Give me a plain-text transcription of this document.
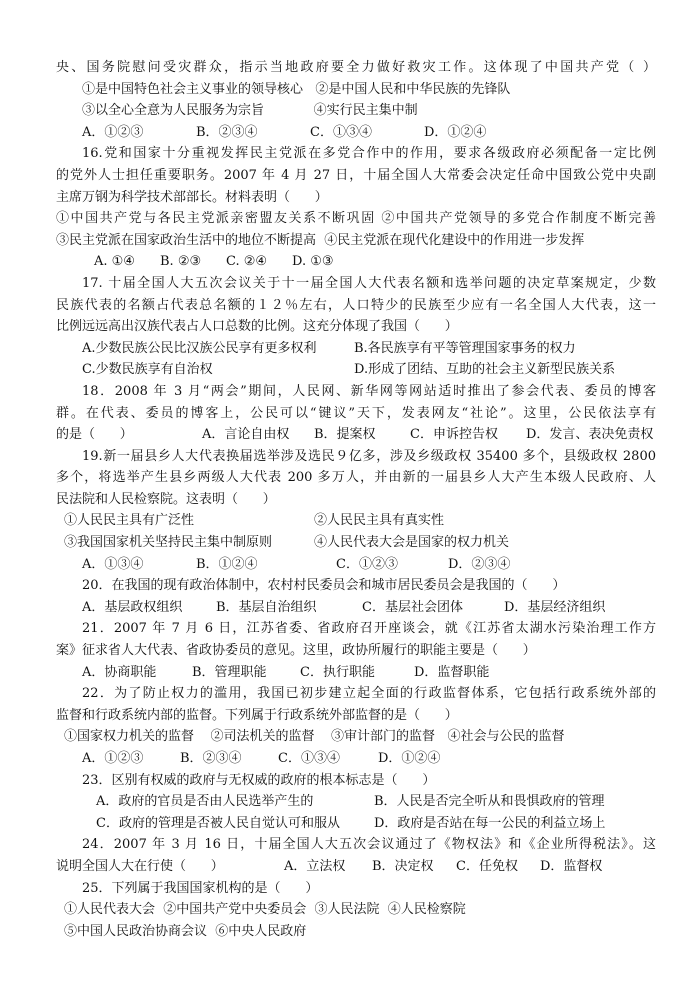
央、国务院慰问受灾群众，指示当地政府要全力做好救灾工作。这体现了中国共产党（ ）
①是中国特色社会主义事业的领导核心   ②是中国人民和中华民族的先锋队
③以全心全意为人民服务为宗旨            ④实行民主集中制
A．①②③	B．②③④	C．①③④	D．①②④
16.党和国家十分重视发挥民主党派在多党合作中的作用，要求各级政府必须配备一定比例
的党外人士担任重要职务。2007 年 4 月 27 日，十届全国人大常委会决定任命中国致公党中央副
主席万钢为科学技术部部长。材料表明（      ）
①中国共产党与各民主党派亲密盟友关系不断巩固 ②中国共产党领导的多党合作制度不断完善
③民主党派在国家政治生活中的地位不断提高  ④民主党派在现代化建设中的作用进一步发挥
A. ①④ B. ②③ C. ②④ D. ①③
17. 十届全国人大五次会议关于十一届全国人大代表名额和选举问题的决定草案规定，少数
民族代表的名额占代表总名额的１２％左右，人口特少的民族至少应有一名全国人大代表，这一
比例远远高出汉族代表占人口总数的比例。这充分体现了我国（      ）
A.少数民族公民比汉族公民享有更多权利	B.各民族享有平等管理国家事务的权力
C.少数民族享有自治权	D.形成了团结、互助的社会主义新型民族关系
18．2008 年 3 月“两会”期间，人民网、新华网等网站适时推出了参会代表、委员的博客
群。在代表、委员的博客上，公民可以“键议”天下，发表网友“社论”。这里，公民依法享有
的是（      ）	A．言论自由权 B．提案权	C．申诉控告权 D．发言、表决免责权
19.新一届县乡人大代表换届选举涉及选民９亿多，涉及乡级政权 35400 多个，县级政权 2800
多个，将选举产生县乡两级人大代表 200 多万人，并由新的一届县乡人大产生本级人民政府、人
民法院和人民检察院。这表明（      ）
①人民民主具有广泛性	②人民民主具有真实性
③我国国家机关坚持民主集中制原则	④人民代表大会是国家的权力机关
A．①③④	B．①②④	C．①②③	D．②③④
20．在我国的现有政治体制中，农村村民委员会和城市居民委员会是我国的（      ）
A．基层政权组织	B．基层自治组织	C．基层社会团体	D．基层经济组织
21．2007 年 7 月 6 日，江苏省委、省政府召开座谈会，就《江苏省太湖水污染治理工作方
案》征求省人大代表、省政协委员的意见。这里，政协所履行的职能主要是（      ）
A．协商职能	B．管理职能	C．执行职能	D．监督职能
22．为了防止权力的滥用，我国已初步建立起全面的行政监督体系，它包括行政系统外部的
监督和行政系统内部的监督。下列属于行政系统外部监督的是（      ）
①国家权力机关的监督    ②司法机关的监督    ③审计部门的监督   ④社会与公民的监督
A．①②③	B．②③④	C．①③④	D．①②④
23．区别有权威的政府与无权威的政府的根本标志是（      ）
A．政府的官员是否由人民选举产生的	B．人民是否完全听从和畏惧政府的管理
C．政府的管理是否被人民自觉认可和服从	D．政府是否站在每一公民的利益立场上
24．2007 年 3 月 16 日，十届全国人大五次会议通过了《物权法》和《企业所得税法》。这
说明全国人大在行使（      ）	A．立法权 B．决定权 C．任免权 D．监督权
25．下列属于我国国家机构的是（      ）
①人民代表大会  ②中国共产党中央委员会  ③人民法院  ④人民检察院
⑤中国人民政治协商会议  ⑥中央人民政府
